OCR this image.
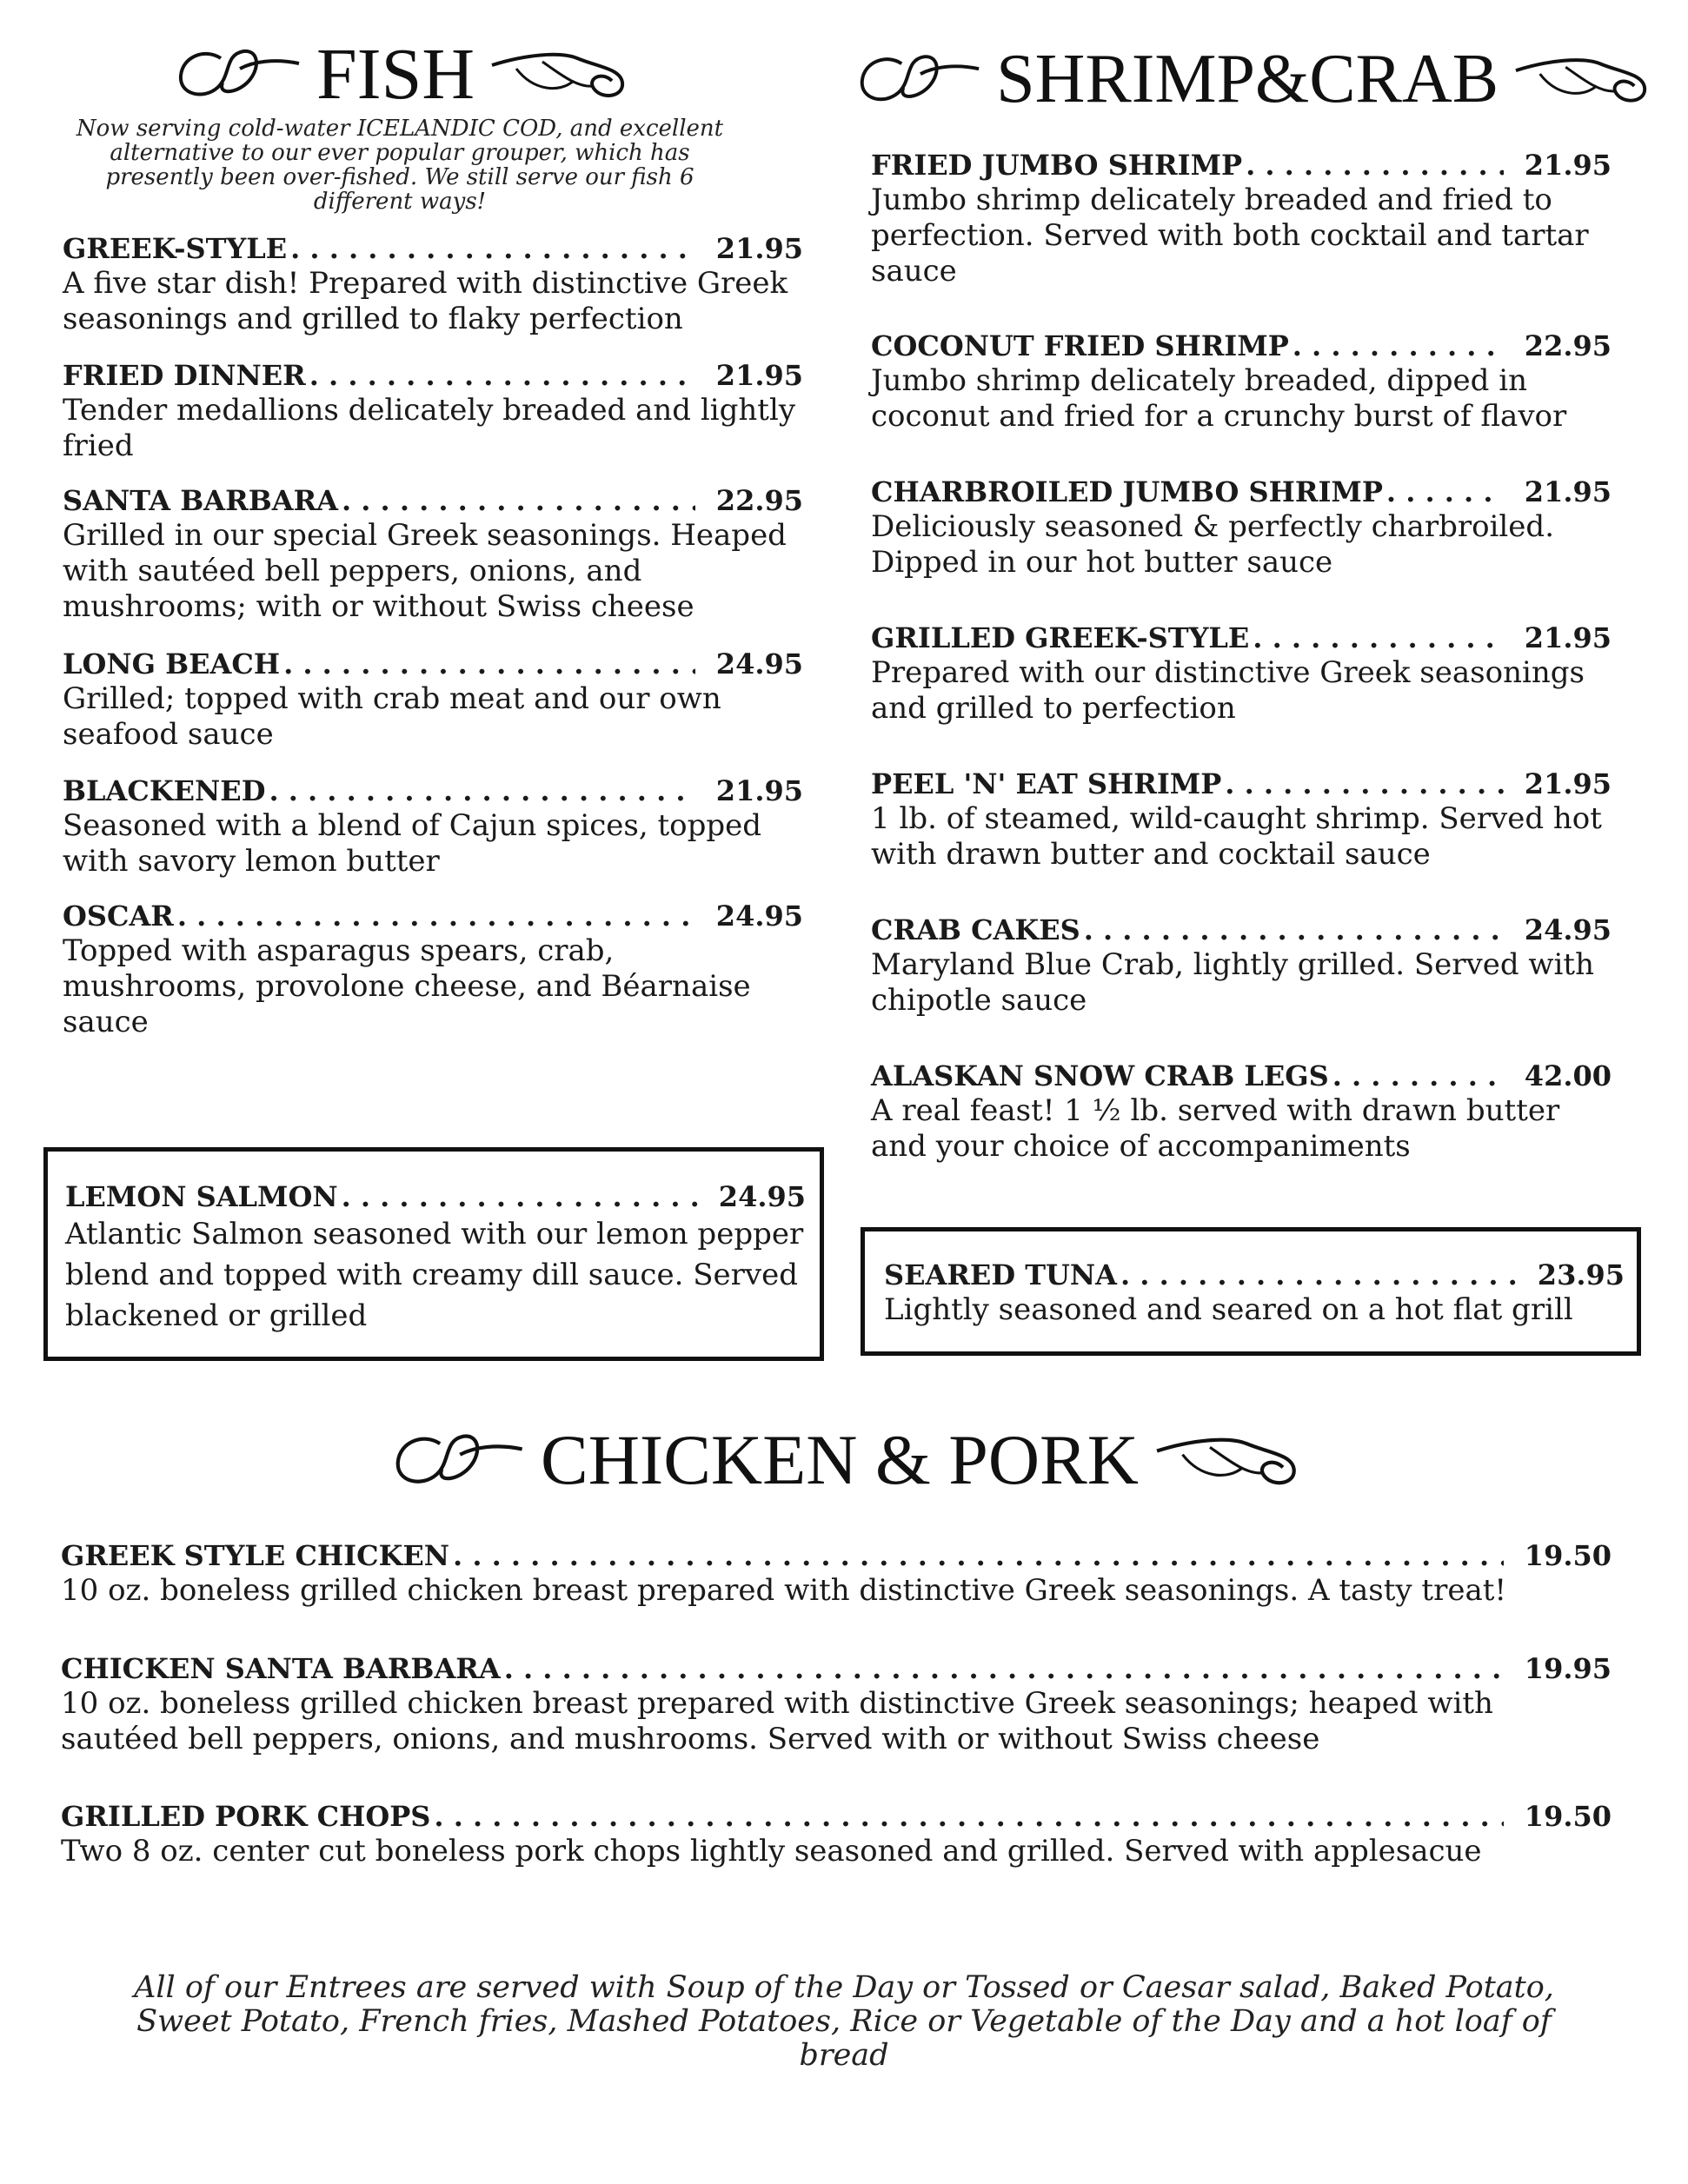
FISH
Now serving cold-water ICELANDIC COD, and excellent alternative to our ever popular grouper, which has presently been over-fished. We still serve our fish 6 different ways!
GREEK-STYLE . . .	21.95
A five star dish! Prepared with distinctive Greek seasonings and grilled to flaky perfection
FRIED DINNER . . .	21.95
Tender medallions delicately breaded and lightly fried
SANTA BARBARA . . .	22.95
Grilled in our special Greek seasonings. Heaped with sautéed bell peppers, onions, and mushrooms; with or without Swiss cheese
LONG BEACH . . .	24.95
Grilled; topped with crab meat and our own seafood sauce
BLACKENED . . .	21.95
Seasoned with a blend of Cajun spices, topped with savory lemon butter
OSCAR . . .	24.95
Topped with asparagus spears, crab, mushrooms, provolone cheese, and Béarnaise sauce
LEMON SALMON . . .	24.95
Atlantic Salmon seasoned with our lemon pepper blend and topped with creamy dill sauce. Served blackened or grilled
SHRIMP&CRAB
FRIED JUMBO SHRIMP . . .	21.95
Jumbo shrimp delicately breaded and fried to perfection. Served with both cocktail and tartar sauce
COCONUT FRIED SHRIMP . . .	22.95
Jumbo shrimp delicately breaded, dipped in coconut and fried for a crunchy burst of flavor
CHARBROILED JUMBO SHRIMP . . .	21.95
Deliciously seasoned & perfectly charbroiled. Dipped in our hot butter sauce
GRILLED GREEK-STYLE . . .	21.95
Prepared with our distinctive Greek seasonings and grilled to perfection
PEEL 'N' EAT SHRIMP . . .	21.95
1 lb. of steamed, wild-caught shrimp. Served hot with drawn butter and cocktail sauce
CRAB CAKES . . .	24.95
Maryland Blue Crab, lightly grilled. Served with chipotle sauce
ALASKAN SNOW CRAB LEGS . . .	42.00
A real feast! 1 ½ lb. served with drawn butter and your choice of accompaniments
SEARED TUNA . . .	23.95
Lightly seasoned and seared on a hot flat grill
CHICKEN & PORK
GREEK STYLE CHICKEN . . .	19.50
10 oz. boneless grilled chicken breast prepared with distinctive Greek seasonings. A tasty treat!
CHICKEN SANTA BARBARA . . .	19.95
10 oz. boneless grilled chicken breast prepared with distinctive Greek seasonings; heaped with sautéed bell peppers, onions, and mushrooms. Served with or without Swiss cheese
GRILLED PORK CHOPS . . .	19.50
Two 8 oz. center cut boneless pork chops lightly seasoned and grilled. Served with applesacue
All of our Entrees are served with Soup of the Day or Tossed or Caesar salad, Baked Potato, Sweet Potato, French fries, Mashed Potatoes, Rice or Vegetable of the Day and a hot loaf of bread
